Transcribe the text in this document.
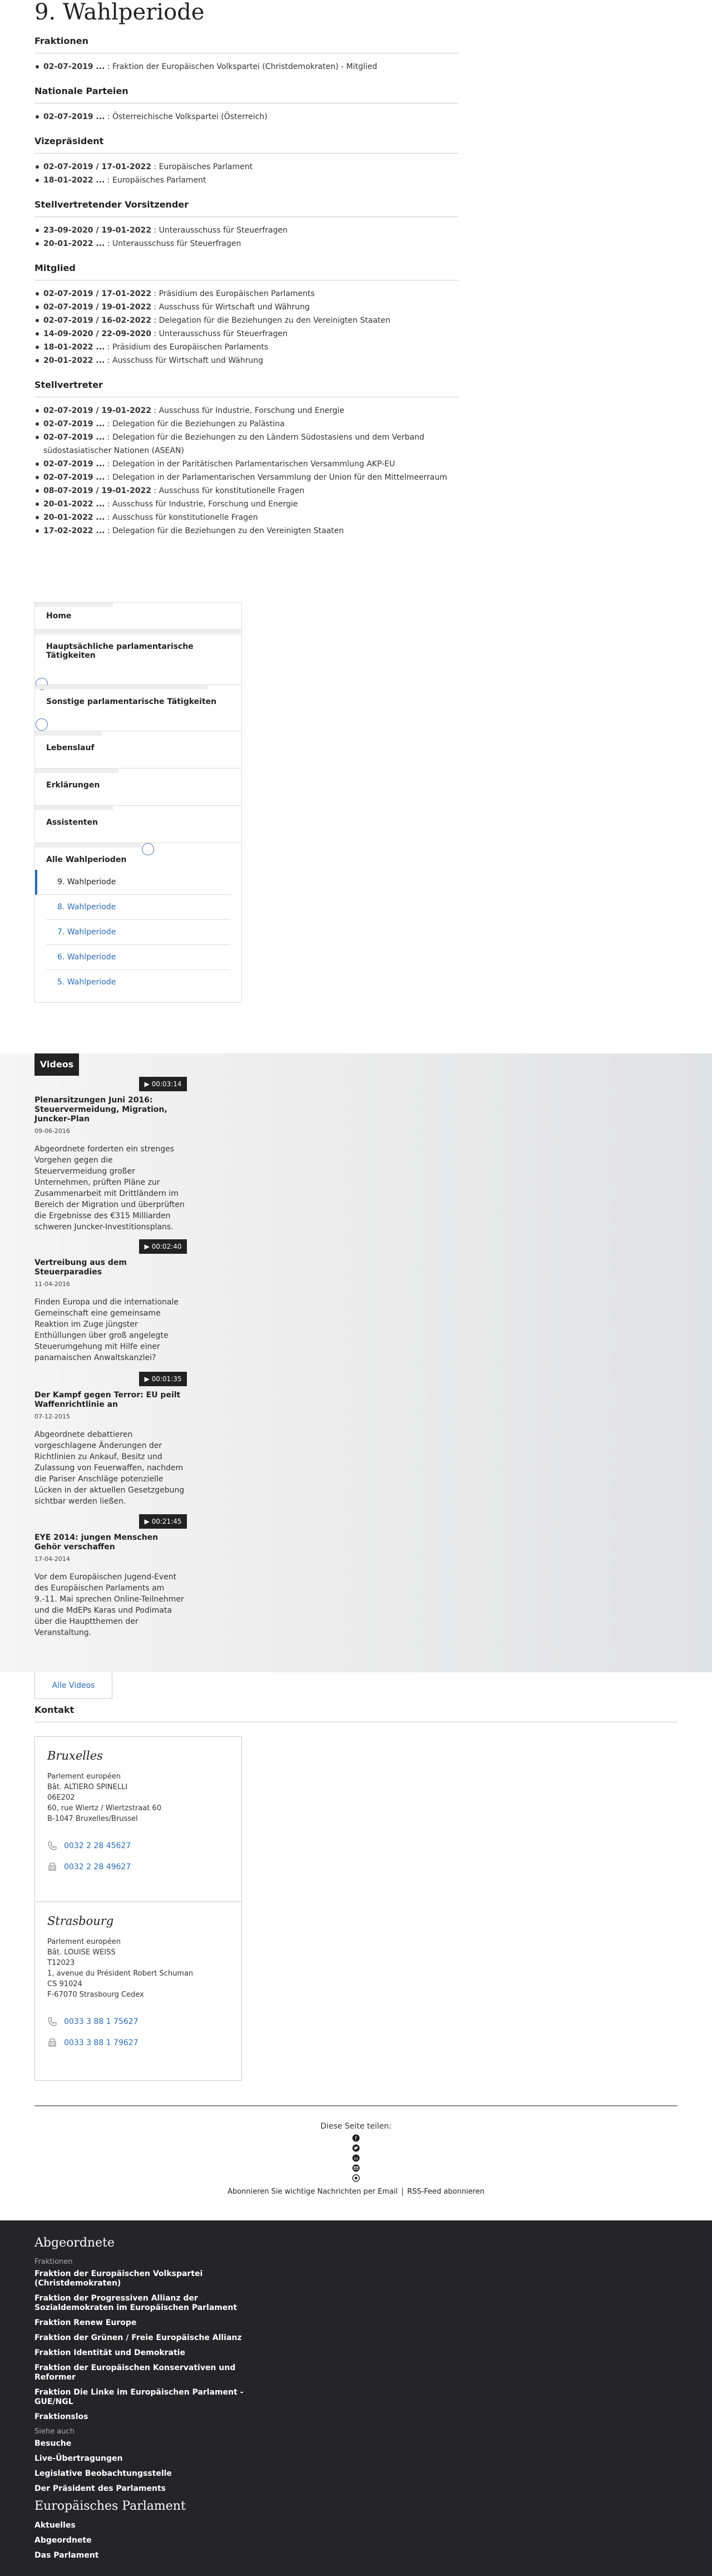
9. Wahlperiode
Fraktionen
02-07-2019 ... : Fraktion der Europäischen Volkspartei (Christdemokraten) - Mitglied
Nationale Parteien
02-07-2019 ... : Österreichische Volkspartei (Österreich)
Vizepräsident
02-07-2019 / 17-01-2022 : Europäisches Parlament
18-01-2022 ... : Europäisches Parlament
Stellvertretender Vorsitzender
23-09-2020 / 19-01-2022 : Unterausschuss für Steuerfragen
20-01-2022 ... : Unterausschuss für Steuerfragen
Mitglied
02-07-2019 / 17-01-2022 : Präsidium des Europäischen Parlaments
02-07-2019 / 19-01-2022 : Ausschuss für Wirtschaft und Währung
02-07-2019 / 16-02-2022 : Delegation für die Beziehungen zu den Vereinigten Staaten
14-09-2020 / 22-09-2020 : Unterausschuss für Steuerfragen
18-01-2022 ... : Präsidium des Europäischen Parlaments
20-01-2022 ... : Ausschuss für Wirtschaft und Währung
Stellvertreter
02-07-2019 / 19-01-2022 : Ausschuss für Industrie, Forschung und Energie
02-07-2019 ... : Delegation für die Beziehungen zu Palästina
02-07-2019 ... : Delegation für die Beziehungen zu den Ländern Südostasiens und dem Verband südostasiatischer Nationen (ASEAN)
02-07-2019 ... : Delegation in der Paritätischen Parlamentarischen Versammlung AKP-EU
02-07-2019 ... : Delegation in der Parlamentarischen Versammlung der Union für den Mittelmeerraum
08-07-2019 / 19-01-2022 : Ausschuss für konstitutionelle Fragen
20-01-2022 ... : Ausschuss für Industrie, Forschung und Energie
20-01-2022 ... : Ausschuss für konstitutionelle Fragen
17-02-2022 ... : Delegation für die Beziehungen zu den Vereinigten Staaten
Home
Hauptsächliche parlamentarische Tätigkeiten
Sonstige parlamentarische Tätigkeiten
Lebenslauf
Erklärungen
Assistenten
Alle Wahlperioden
9. Wahlperiode
8. Wahlperiode
7. Wahlperiode
6. Wahlperiode
5. Wahlperiode
Videos
▶ 00:03:14
Plenarsitzungen Juni 2016: Steuervermeidung, Migration, Juncker-Plan
09-06-2016
Abgeordnete forderten ein strenges Vorgehen gegen die Steuervermeidung großer Unternehmen, prüften Pläne zur Zusammenarbeit mit Drittländern im Bereich der Migration und überprüften die Ergebnisse des €315 Milliarden schweren Juncker-Investitionsplans.
▶ 00:02:40
Vertreibung aus dem Steuerparadies
11-04-2016
Finden Europa und die internationale Gemeinschaft eine gemeinsame Reaktion im Zuge jüngster Enthüllungen über groß angelegte Steuerumgehung mit Hilfe einer panamaischen Anwaltskanzlei?
▶ 00:01:35
Der Kampf gegen Terror: EU peilt Waffenrichtlinie an
07-12-2015
Abgeordnete debattieren vorgeschlagene Änderungen der Richtlinien zu Ankauf, Besitz und Zulassung von Feuerwaffen, nachdem die Pariser Anschläge potenzielle Lücken in der aktuellen Gesetzgebung sichtbar werden ließen.
▶ 00:21:45
EYE 2014: jungen Menschen Gehör verschaffen
17-04-2014
Vor dem Europäischen Jugend-Event des Europäischen Parlaments am 9.-11. Mai sprechen Online-Teilnehmer und die MdEPs Karas und Podimata über die Hauptthemen der Veranstaltung.
Alle Videos
Kontakt
Bruxelles

Parlement européen

Bât. ALTIERO SPINELLI

06E202

60, rue Wiertz / Wiertzstraat 60

B-1047 Bruxelles/Brussel

0032 2 28 45627
0032 2 28 49627
Strasbourg

Parlement européen

Bât. LOUISE WEISS

T12023

1, avenue du Président Robert Schuman

CS 91024

F-67070 Strasbourg Cedex

0033 3 88 1 75627
0033 3 88 1 79627
Diese Seite teilen:
f
in
Abonnieren Sie wichtige Nachrichten per Email RSS-Feed abonnieren
Abgeordnete
Fraktionen
Fraktion der Europäischen Volkspartei (Christdemokraten)
Fraktion der Progressiven Allianz der Sozialdemokraten im Europäischen Parlament
Fraktion Renew Europe
Fraktion der Grünen / Freie Europäische Allianz
Fraktion Identität und Demokratie
Fraktion der Europäischen Konservativen und Reformer
Fraktion Die Linke im Europäischen Parlament - GUE/NGL
Fraktionslos
Siehe auch
Besuche
Live-Übertragungen
Legislative Beobachtungsstelle
Der Präsident des Parlaments
Europäisches Parlament
Aktuelles
Abgeordnete
Das Parlament
